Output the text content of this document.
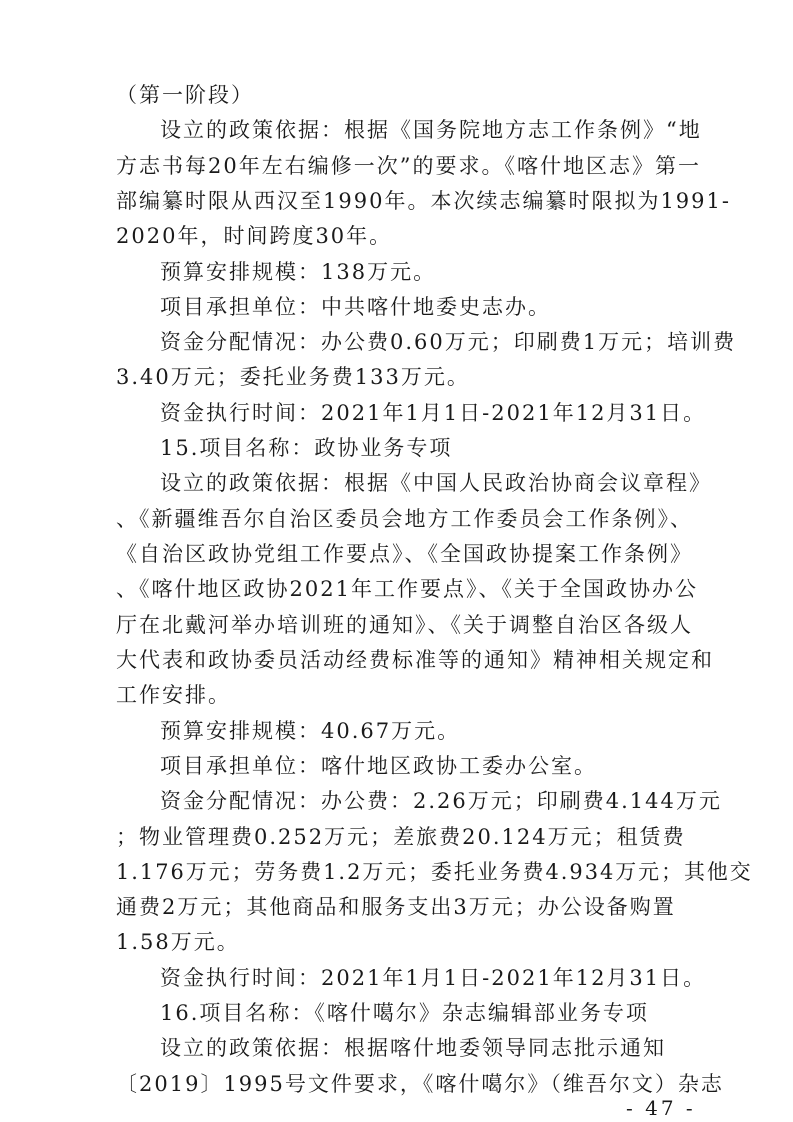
（第一阶段）
设立的政策依据：根据《国务院地方志工作条例》“地
方志书每20年左右编修一次”的要求。《喀什地区志》第一
部编纂时限从西汉至1990年。本次续志编纂时限拟为1991-
2020年，时间跨度30年。
预算安排规模：138万元。
项目承担单位：中共喀什地委史志办。
资金分配情况：办公费0.60万元；印刷费1万元；培训费
3.40万元；委托业务费133万元。
资金执行时间：2021年1月1日-2021年12月31日。
15.项目名称：政协业务专项
设立的政策依据：根据《中国人民政治协商会议章程》
、《新疆维吾尔自治区委员会地方工作委员会工作条例》、
《自治区政协党组工作要点》、《全国政协提案工作条例》
、《喀什地区政协2021年工作要点》、《关于全国政协办公
厅在北戴河举办培训班的通知》、《关于调整自治区各级人
大代表和政协委员活动经费标准等的通知》精神相关规定和
工作安排。
预算安排规模：40.67万元。
项目承担单位：喀什地区政协工委办公室。
资金分配情况：办公费：2.26万元；印刷费4.144万元
；物业管理费0.252万元；差旅费20.124万元；租赁费
1.176万元；劳务费1.2万元；委托业务费4.934万元；其他交
通费2万元；其他商品和服务支出3万元；办公设备购置
1.58万元。
资金执行时间：2021年1月1日-2021年12月31日。
16.项目名称：《喀什噶尔》杂志编辑部业务专项
设立的政策依据：根据喀什地委领导同志批示通知
〔2019〕1995号文件要求，《喀什噶尔》（维吾尔文）杂志
- 47 -
